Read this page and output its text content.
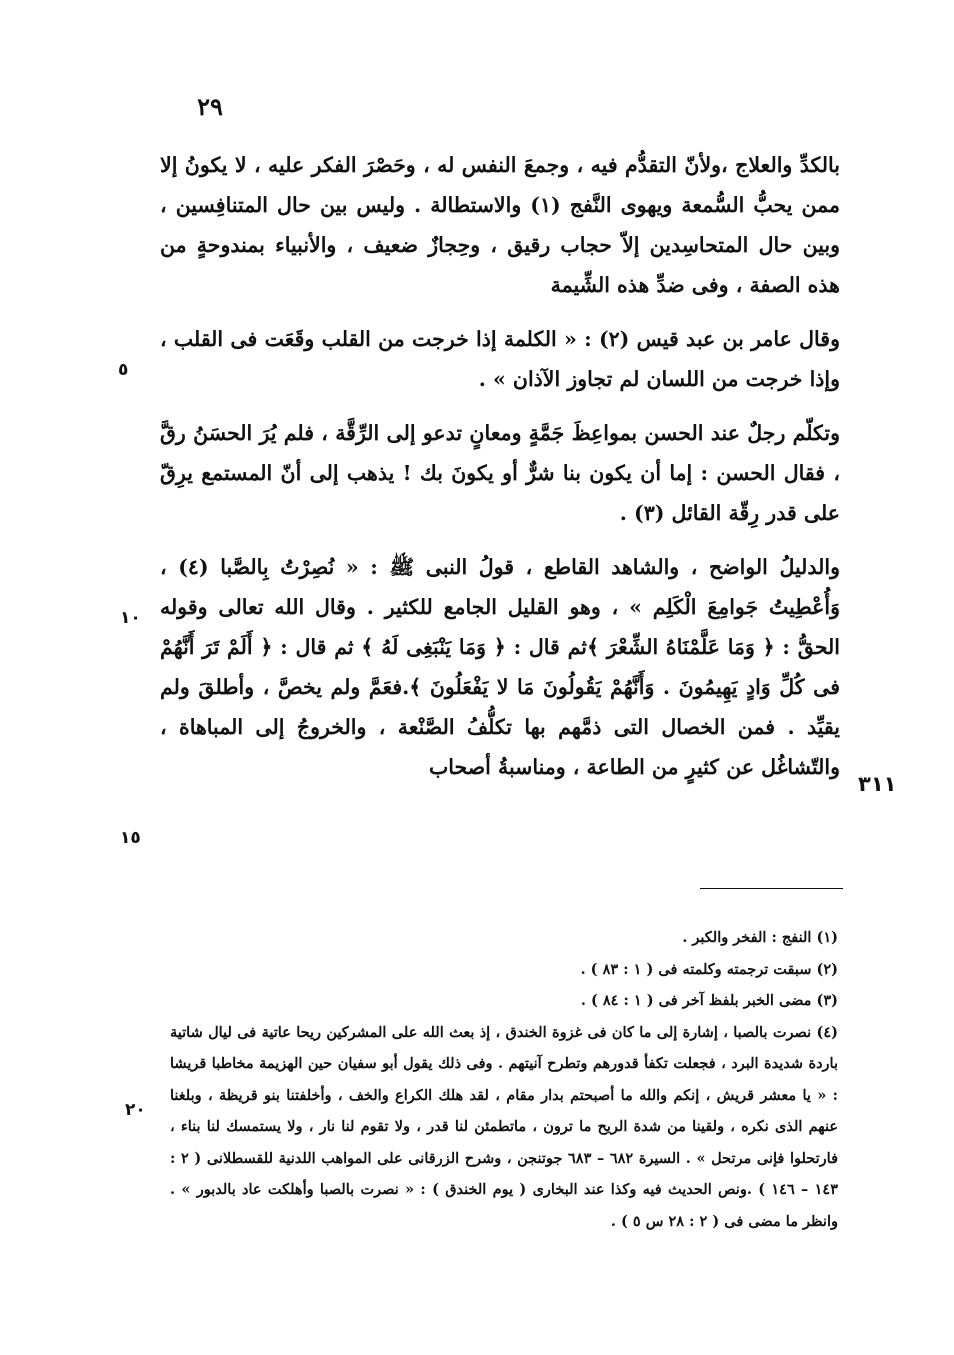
٢٩
٥
١٠
٣١١
١٥
٢٠

بالكدِّ والعلاج ،ولأنّ التقدُّم فيه ، وجمعَ النفس له ، وحَصْرَ الفكر عليه ، لا يكونُ إلا ممن يحبُّ السُّمعة ويهوى النَّفج (١) والاستطالة . وليس بين حال المتنافِسين ، وبين حال المتحاسِدين إلاّ حجاب رقيق ، وحِجازٌ ضعيف ، والأنبياء بمندوحةٍ من هذه الصفة ، وفى ضدِّ هذه الشِّيمة

وقال عامر بن عبد قيس (٢) : « الكلمة إذا خرجت من القلب وقَعَت فى القلب ، وإذا خرجت من اللسان لم تجاوز الآذان » .

وتكلّم رجلٌ عند الحسن بمواعِظَ جَمَّةٍ ومعانٍ تدعو إلى الرِّقَّة ، فلم يُرَ الحسَنُ رقَّ ، فقال الحسن : إما أن يكون بنا شرٌّ أو يكونَ بك ! يذهب إلى أنّ المستمع يرِقّ على قدر رِقّة القائل (٣) .

والدليلُ الواضح ، والشاهد القاطع ، قولُ النبى ﷺ : « نُصِرْتُ بِالصَّبا (٤) ، وَأُعْطِيتُ جَوامِعَ الْكَلِم » ، وهو القليل الجامع للكثير . وقال الله تعالى وقوله الحقُّ : ﴿ وَمَا عَلَّمْنَاهُ الشِّعْرَ ﴾ثم قال : ﴿ وَمَا يَنْبَغِى لَهُ ﴾ ثم قال : ﴿ أَلَمْ تَرَ أَنَّهُمْ فى كُلِّ وَادٍ يَهِيمُونَ . وَأَنَّهُمْ يَقُولُونَ مَا لا يَفْعَلُونَ ﴾.فعَمَّ ولم يخصَّ ، وأطلقَ ولم يقيِّد . فمن الخصال التى ذمَّهم بها تكلُّفُ الصَّنْعة ، والخروجُ إلى المباهاة ، والتّشاغُل عن كثيرٍ من الطاعة ، ومناسبةُ أصحاب

(١) النفج : الفخر والكبر .
(٢) سبقت ترجمته وكلمته فى ( ١ : ٨٣ ) .
(٣) مضى الخبر بلفظ آخر فى ( ١ : ٨٤ ) .
(٤) نصرت بالصبا ، إشارة إلى ما كان فى غزوة الخندق ، إذ بعث الله على المشركين ريحا عاتية فى ليال شاتية باردة شديدة البرد ، فجعلت تكفأ قدورهم وتطرح آنيتهم . وفى ذلك يقول أبو سفيان حين الهزيمة مخاطبا قريشا : « يا معشر قريش ، إنكم والله ما أصبحتم بدار مقام ، لقد هلك الكراع والخف ، وأخلفتنا بنو قريظة ، وبلغنا عنهم الذى نكره ، ولقينا من شدة الريح ما ترون ، ماتطمئن لنا قدر ، ولا تقوم لنا نار ، ولا يستمسك لنا بناء ، فارتحلوا فإنى مرتحل » . السيرة ٦٨٢ – ٦٨٣ جوتنجن ، وشرح الزرقانى على المواهب اللدنية للقسطلانى ( ٢ : ١٤٣ – ١٤٦ ) .ونص الحديث فيه وكذا عند البخارى ( يوم الخندق ) : « نصرت بالصبا وأهلكت عاد بالدبور » . وانظر ما مضى فى ( ٢ : ٢٨ س ٥ ) .
